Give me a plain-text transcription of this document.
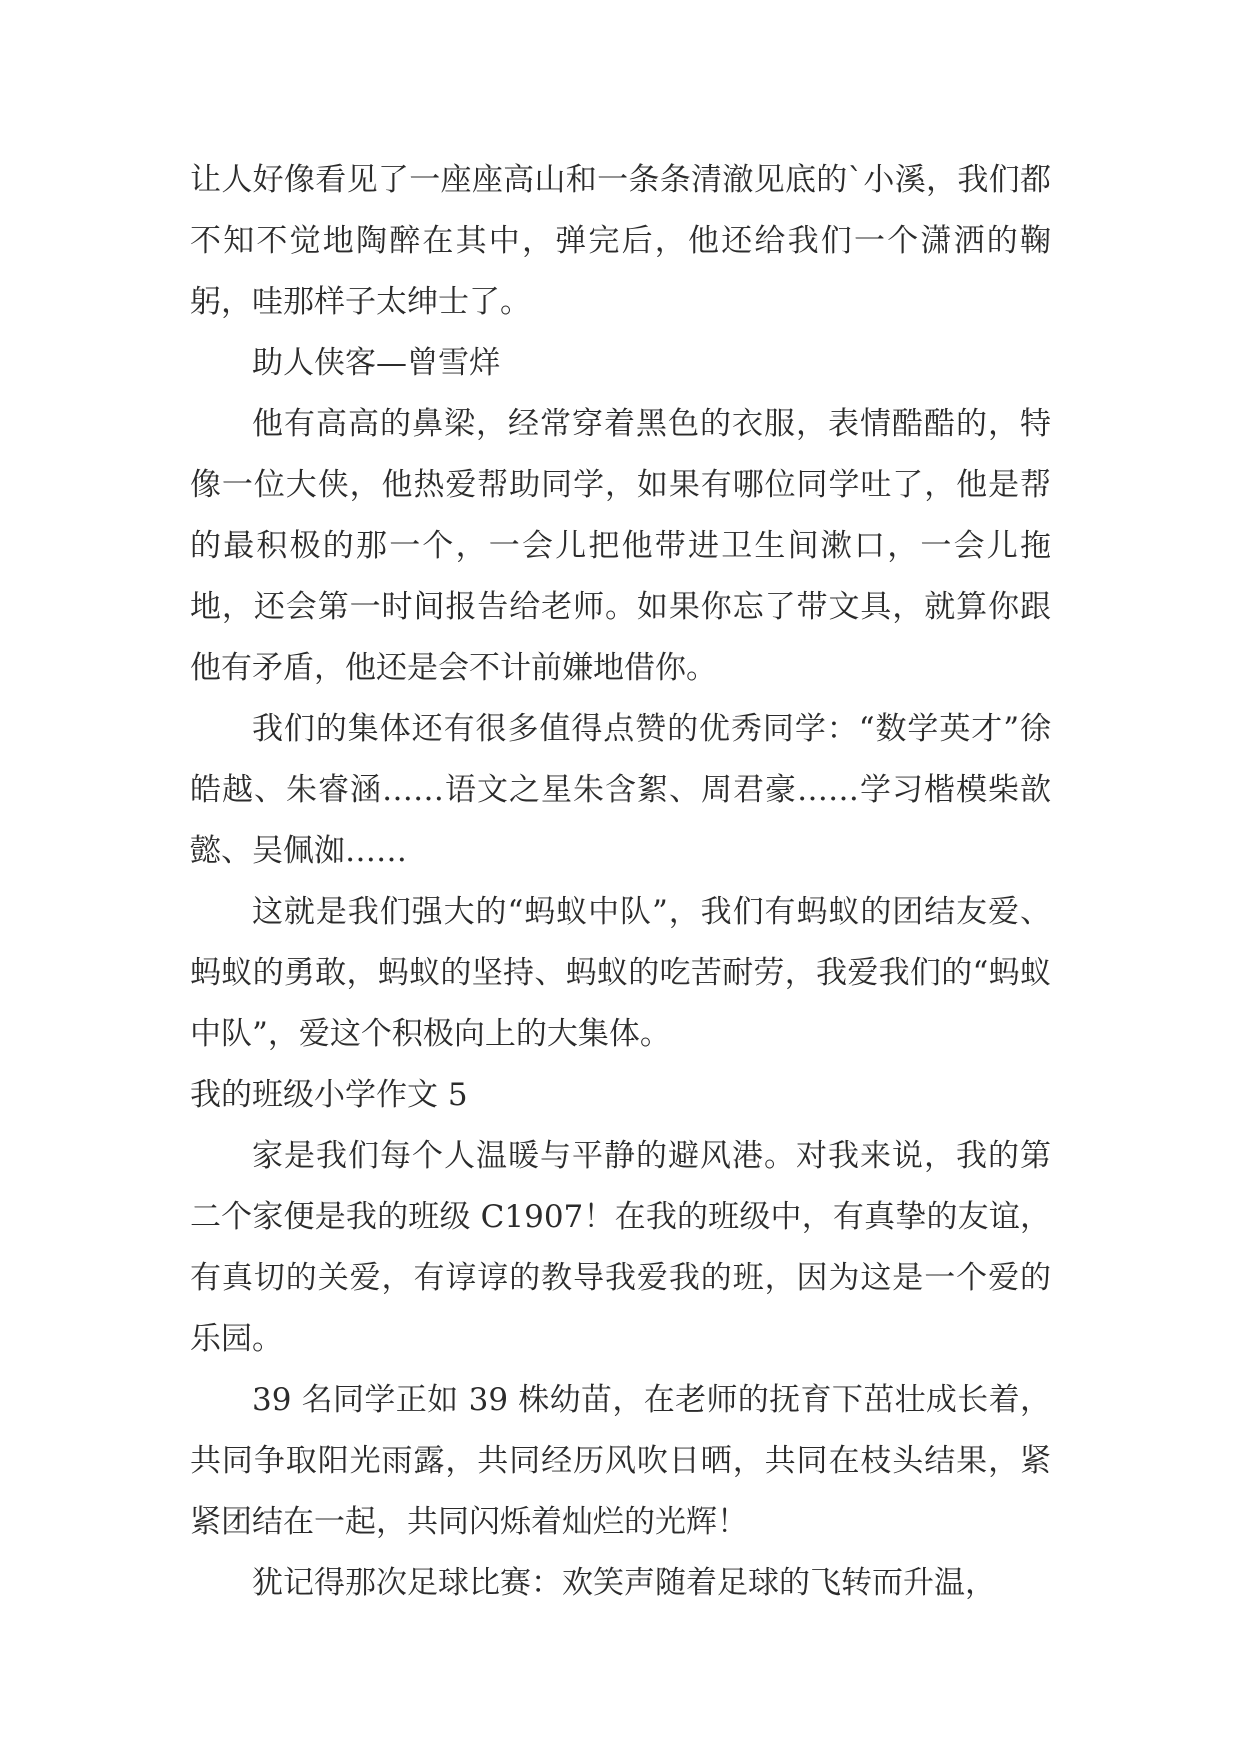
让人好像看见了一座座高山和一条条清澈见底的`小溪，我们都不知不觉地陶醉在其中，弹完后，他还给我们一个潇洒的鞠躬，哇那样子太绅士了。

助人侠客—曾雪烊

他有高高的鼻梁，经常穿着黑色的衣服，表情酷酷的，特像一位大侠，他热爱帮助同学，如果有哪位同学吐了，他是帮的最积极的那一个，一会儿把他带进卫生间漱口，一会儿拖地，还会第一时间报告给老师。如果你忘了带文具，就算你跟他有矛盾，他还是会不计前嫌地借你。

我们的集体还有很多值得点赞的优秀同学：“数学英才”徐皓越、朱睿涵……语文之星朱含絮、周君豪……学习楷模柴歆懿、吴佩洳……

这就是我们强大的“蚂蚁中队”，我们有蚂蚁的团结友爱、蚂蚁的勇敢，蚂蚁的坚持、蚂蚁的吃苦耐劳，我爱我们的“蚂蚁中队”，爱这个积极向上的大集体。

我的班级小学作文 5

家是我们每个人温暖与平静的避风港。对我来说，我的第二个家便是我的班级 C1907！在我的班级中，有真挚的友谊，有真切的关爱，有谆谆的教导我爱我的班，因为这是一个爱的乐园。

39 名同学正如 39 株幼苗，在老师的抚育下茁壮成长着，共同争取阳光雨露，共同经历风吹日晒，共同在枝头结果，紧紧团结在一起，共同闪烁着灿烂的光辉！

犹记得那次足球比赛：欢笑声随着足球的飞转而升温，
